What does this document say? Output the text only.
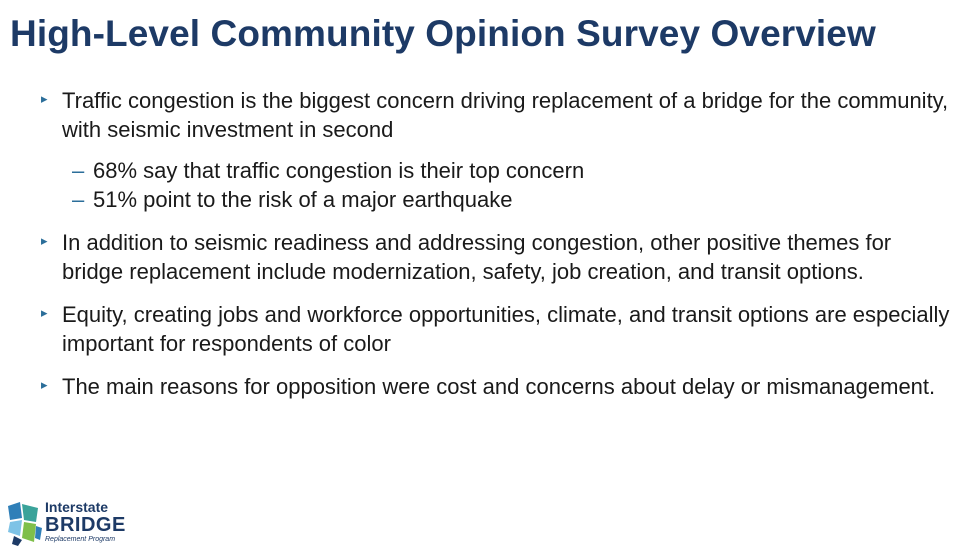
High-Level Community Opinion Survey Overview
▸ Traffic congestion is the biggest concern driving replacement of a bridge for the community, with seismic investment in second
– 68% say that traffic congestion is their top concern
– 51% point to the risk of a major earthquake
▸ In addition to seismic readiness and addressing congestion, other positive themes for bridge replacement include modernization, safety, job creation, and transit options.
▸ Equity, creating jobs and workforce opportunities, climate, and transit options are especially important for respondents of color
▸ The main reasons for opposition were cost and concerns about delay or mismanagement.
Interstate
BRIDGE
Replacement Program
